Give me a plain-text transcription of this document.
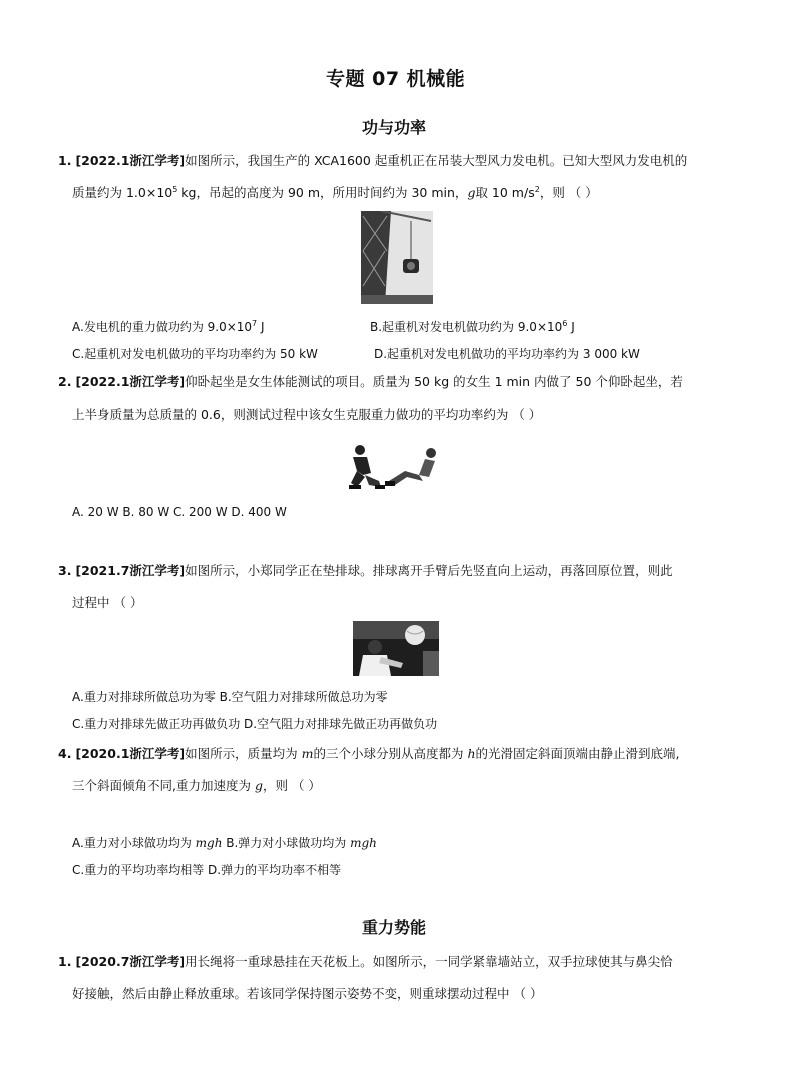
专题 07 机械能
功与功率
1. [2022.1浙江学考]如图所示，我国生产的 XCA1600 起重机正在吊装大型风力发电机。已知大型风力发电机的
质量约为 $1.0\times 10^5$ kg，吊起的高度为 90 m，所用时间约为 30 min，g取 10 $m/s^2$，则 （ ）
A.发电机的重力做功约为 $9.0\times 10^7$ J	B.起重机对发电机做功约为 $9.0\times 10^6$ J
C.起重机对发电机做功的平均功率约为 50 kW	D.起重机对发电机做功的平均功率约为 3 000 kW
2. [2022.1浙江学考]仰卧起坐是女生体能测试的项目。质量为 50 kg 的女生 1 min 内做了 50 个仰卧起坐，若
上半身质量为总质量的 0.6，则测试过程中该女生克服重力做功的平均功率约为 （ ）
A. 20 W B. 80 W C. 200 W D. 400 W
3. [2021.7浙江学考]如图所示，小郑同学正在垫排球。排球离开手臂后先竖直向上运动，再落回原位置，则此
过程中 （ ）
A.重力对排球所做总功为零 B.空气阻力对排球所做总功为零
C.重力对排球先做正功再做负功 D.空气阻力对排球先做正功再做负功
4. [2020.1浙江学考]如图所示，质量均为 m的三个小球分别从高度都为 h的光滑固定斜面顶端由静止滑到底端,
三个斜面倾角不同,重力加速度为 g，则 （ ）
A.重力对小球做功均为 mgh B.弹力对小球做功均为 mgh
C.重力的平均功率均相等 D.弹力的平均功率不相等
重力势能
1. [2020.7浙江学考]用长绳将一重球悬挂在天花板上。如图所示，一同学紧靠墙站立，双手拉球使其与鼻尖恰
好接触，然后由静止释放重球。若该同学保持图示姿势不变，则重球摆动过程中 （ ）
